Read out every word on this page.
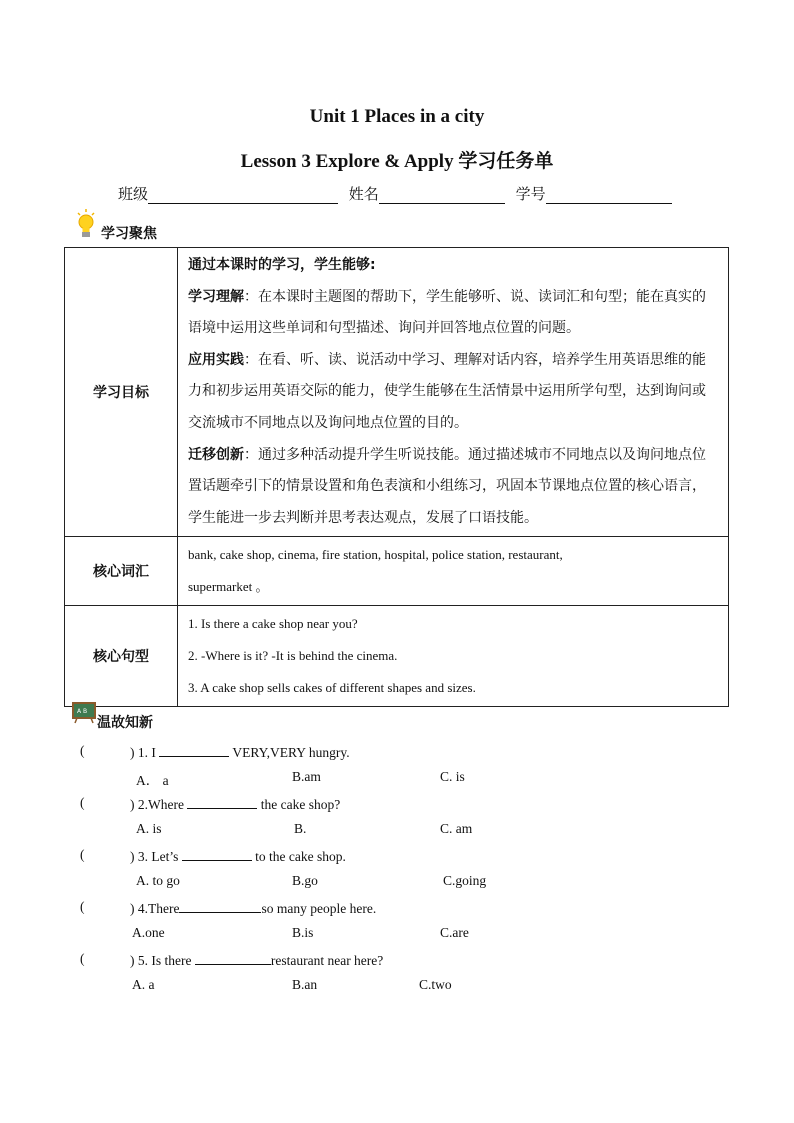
Unit 1 Places in a city
Lesson 3 Explore & Apply 学习任务单
班级	姓名	学号
学习聚焦
学习目标	通过本课时的学习，学生能够:

学习理解：在本课时主题图的帮助下，学生能够听、说、读词汇和句型；能在真实的语境中运用这些单词和句型描述、询问并回答地点位置的问题。

应用实践：在看、听、读、说活动中学习、理解对话内容，培养学生用英语思维的能力和初步运用英语交际的能力，使学生能够在生活情景中运用所学句型，达到询问或交流城市不同地点以及询问地点位置的目的。

迁移创新：通过多种活动提升学生听说技能。通过描述城市不同地点以及询问地点位置话题牵引下的情景设置和角色表演和小组练习，巩固本节课地点位置的核心语言，学生能进一步去判断并思考表达观点，发展了口语技能。

核心词汇	bank, cake shop, cinema, fire station, hospital, police station, restaurant,

supermarket 。

核心句型	1. Is there a cake shop near you?

2. -Where is it? -It is behind the cinema.

3. A cake shop sells cakes of different shapes and sizes.

A B
温故知新
(	) 1. I	VERY,VERY hungry.
A． a	B.am	C. is
(	) 2.Where	the cake shop?
A. is	B.	C. am
(	) 3. Let’s	to the cake shop.
A. to go	B.go	C.going
(	) 4.There	so many people here.
A.one	B.is	C.are
(	) 5. Is there	restaurant near here?
A. a	B.an	C.two
